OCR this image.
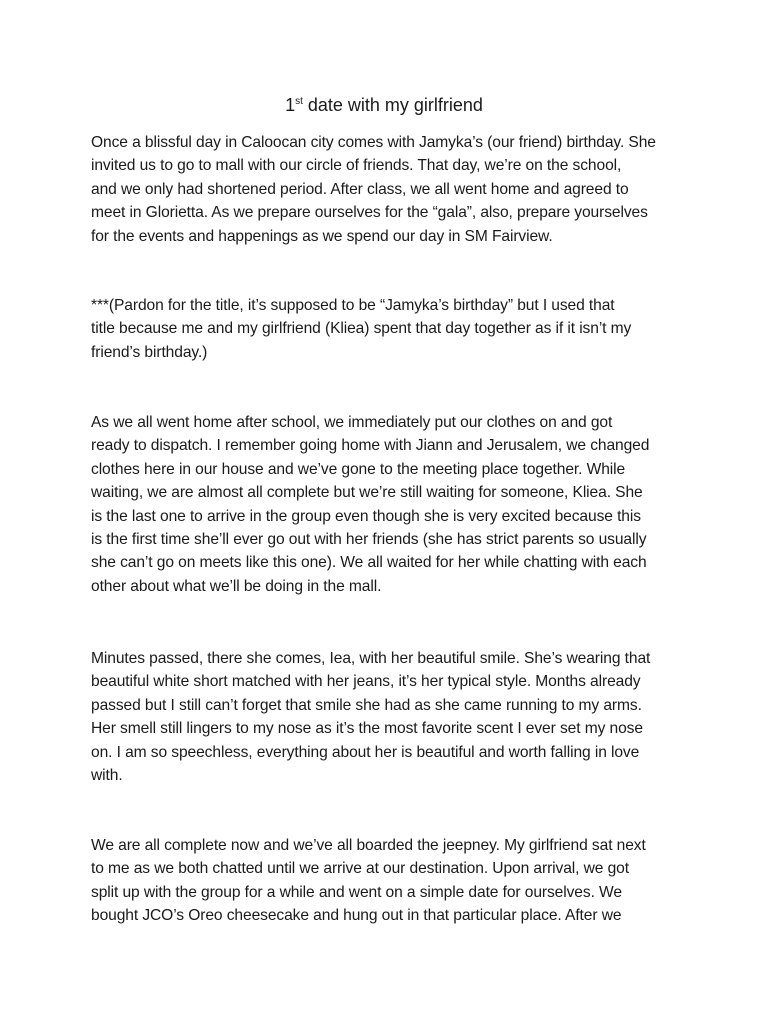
1st date with my girlfriend

Once a blissful day in Caloocan city comes with Jamyka’s (our friend) birthday. She
invited us to go to mall with our circle of friends. That day, we’re on the school,
and we only had shortened period. After class, we all went home and agreed to
meet in Glorietta. As we prepare ourselves for the “gala”, also, prepare yourselves
for the events and happenings as we spend our day in SM Fairview.

***(Pardon for the title, it’s supposed to be “Jamyka’s birthday” but I used that
title because me and my girlfriend (Kliea) spent that day together as if it isn’t my
friend’s birthday.)

As we all went home after school, we immediately put our clothes on and got
ready to dispatch. I remember going home with Jiann and Jerusalem, we changed
clothes here in our house and we’ve gone to the meeting place together. While
waiting, we are almost all complete but we’re still waiting for someone, Kliea. She
is the last one to arrive in the group even though she is very excited because this
is the first time she’ll ever go out with her friends (she has strict parents so usually
she can’t go on meets like this one). We all waited for her while chatting with each
other about what we’ll be doing in the mall.

Minutes passed, there she comes, Iea, with her beautiful smile. She’s wearing that
beautiful white short matched with her jeans, it’s her typical style. Months already
passed but I still can’t forget that smile she had as she came running to my arms.
Her smell still lingers to my nose as it’s the most favorite scent I ever set my nose
on. I am so speechless, everything about her is beautiful and worth falling in love
with.

We are all complete now and we’ve all boarded the jeepney. My girlfriend sat next
to me as we both chatted until we arrive at our destination. Upon arrival, we got
split up with the group for a while and went on a simple date for ourselves. We
bought JCO’s Oreo cheesecake and hung out in that particular place. After we
